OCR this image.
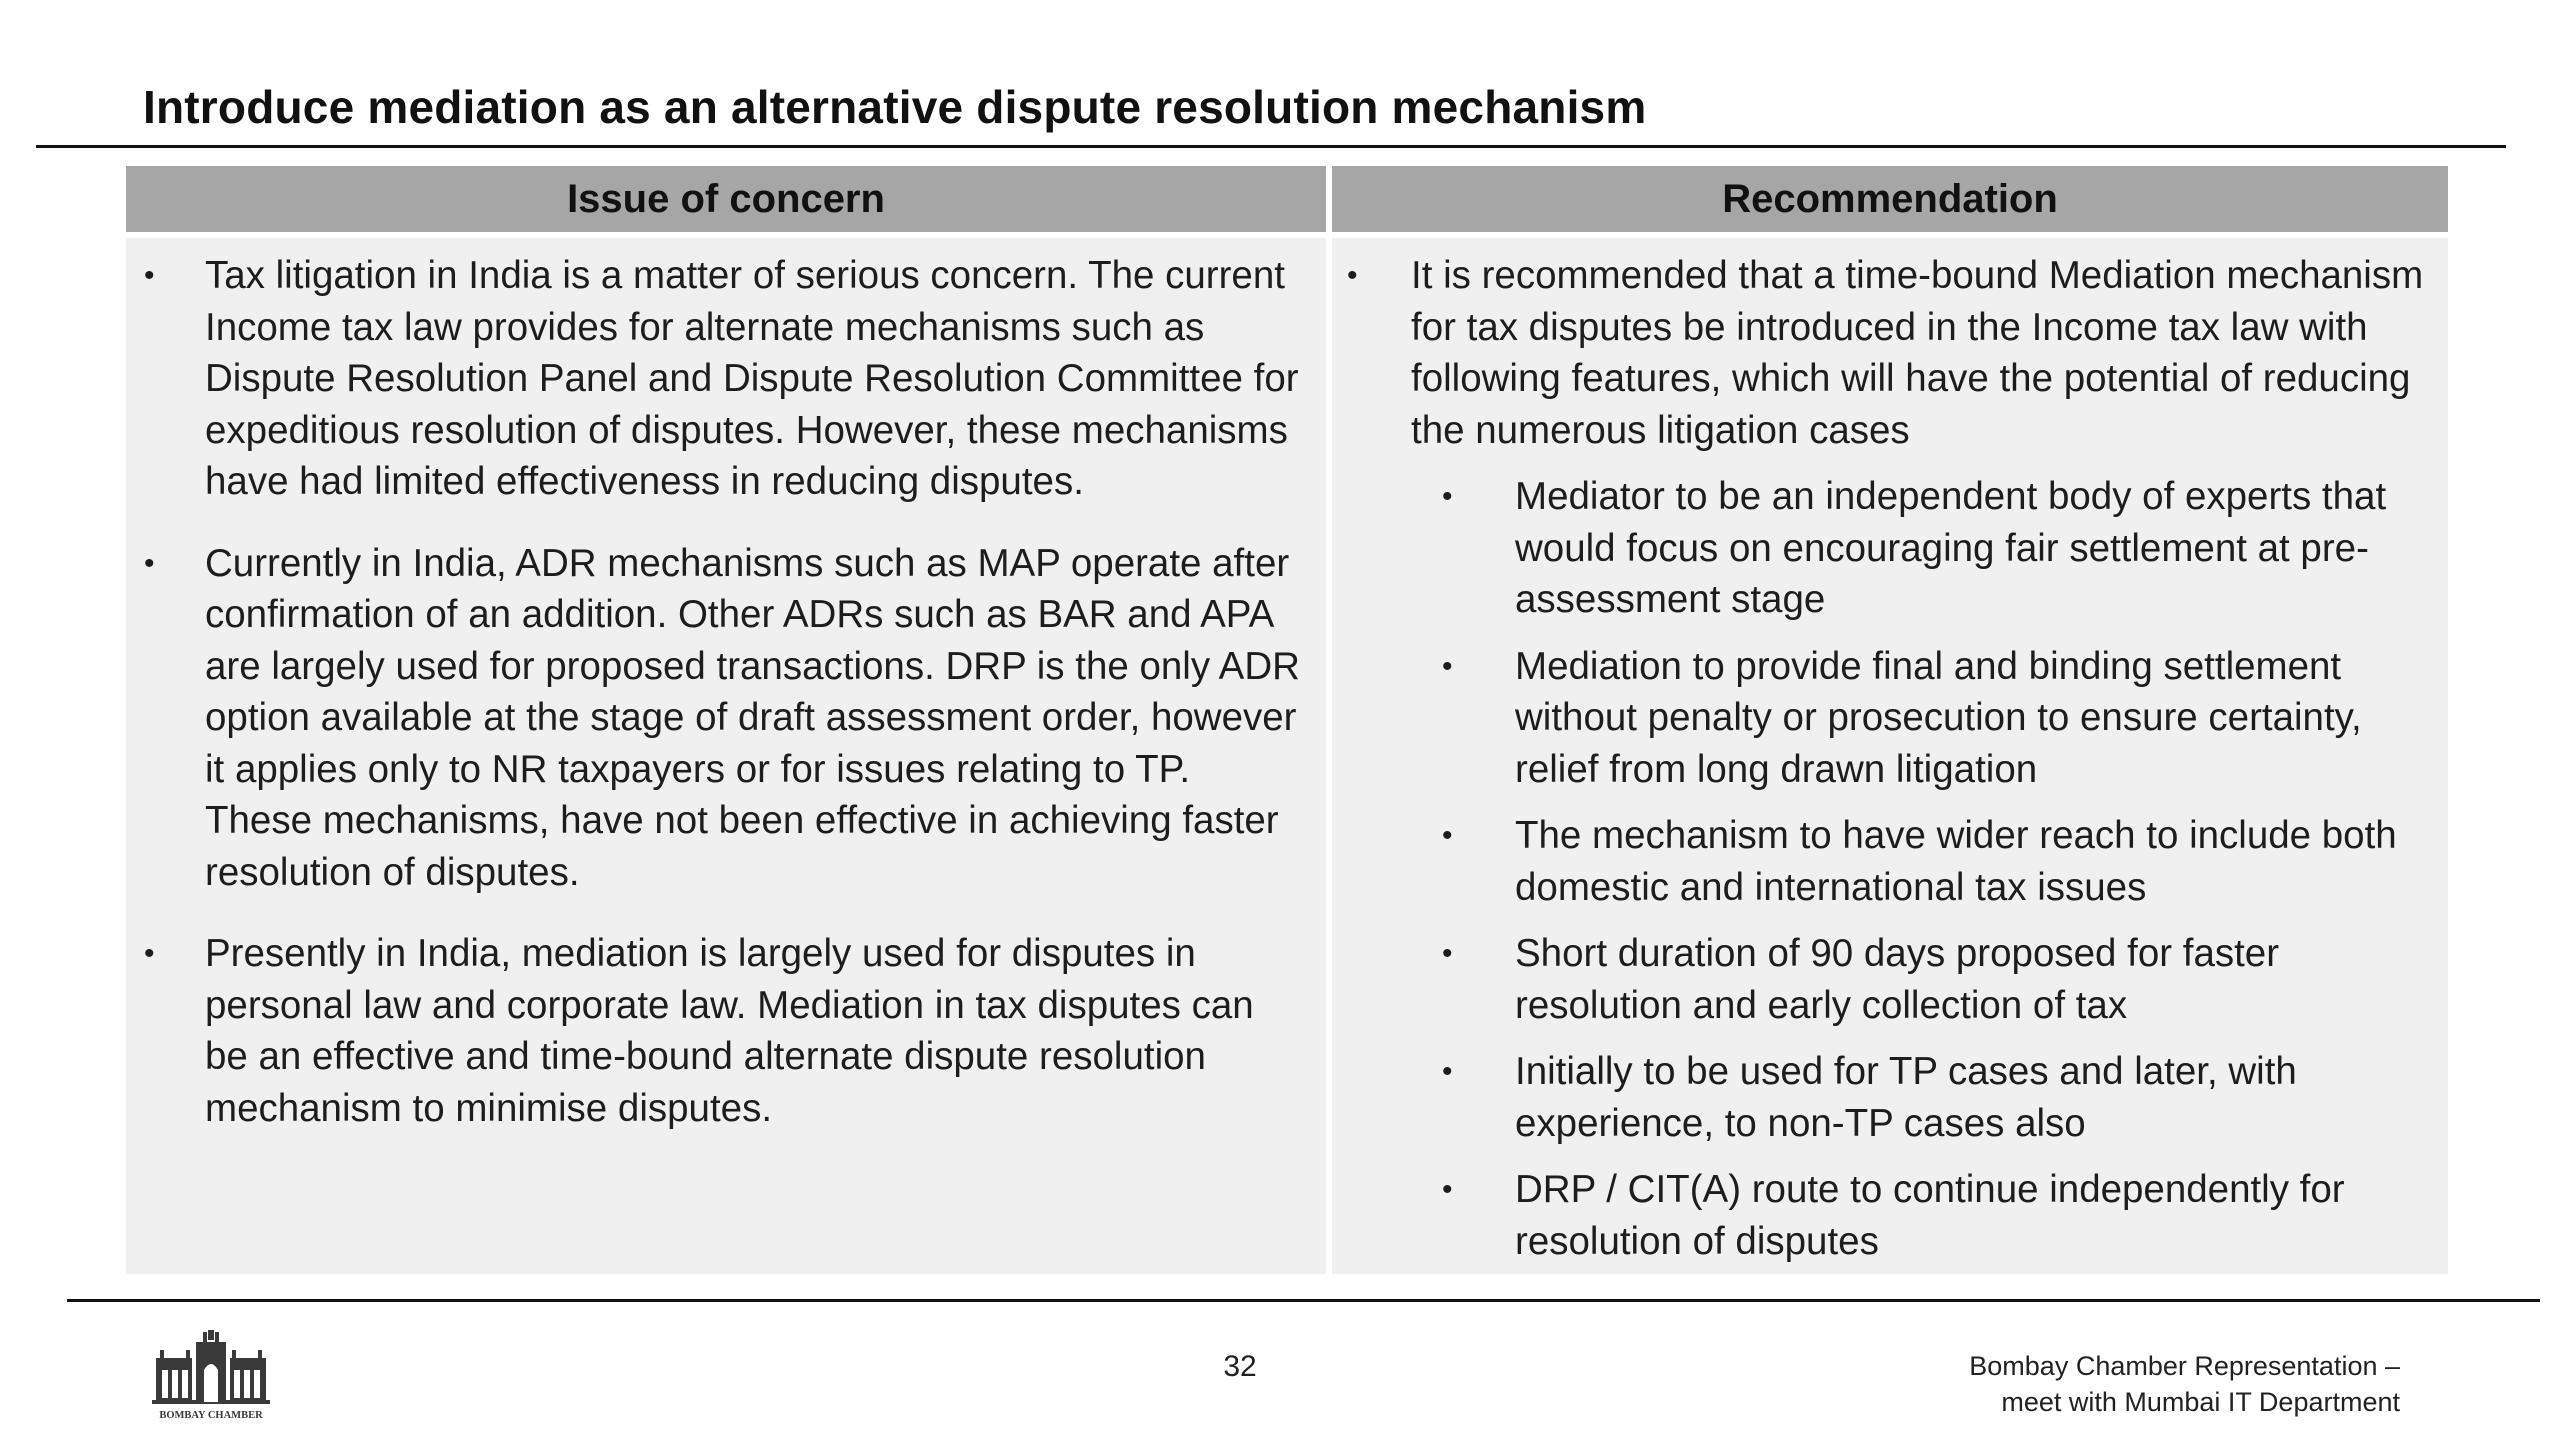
Introduce mediation as an alternative dispute resolution mechanism
Issue of concern	Recommendation
• Tax litigation in India is a matter of serious concern. The current Income tax law provides for alternate mechanisms such as Dispute Resolution Panel and Dispute Resolution Committee for expeditious resolution of disputes. However, these mechanisms have had limited effectiveness in reducing disputes.
• Currently in India, ADR mechanisms such as MAP operate after confirmation of an addition. Other ADRs such as BAR and APA are largely used for proposed transactions. DRP is the only ADR option available at the stage of draft assessment order, however it applies only to NR taxpayers or for issues relating to TP. These mechanisms, have not been effective in achieving faster resolution of disputes.
• Presently in India, mediation is largely used for disputes in personal law and corporate law. Mediation in tax disputes can be an effective and time-bound alternate dispute resolution mechanism to minimise disputes.
• It is recommended that a time-bound Mediation mechanism for tax disputes be introduced in the Income tax law with following features, which will have the potential of reducing the numerous litigation cases
• Mediator to be an independent body of experts that would focus on encouraging fair settlement at pre-assessment stage
• Mediation to provide final and binding settlement without penalty or prosecution to ensure certainty, relief from long drawn litigation
• The mechanism to have wider reach to include both domestic and international tax issues
• Short duration of 90 days proposed for faster resolution and early collection of tax
• Initially to be used for TP cases and later, with experience, to non-TP cases also
• DRP / CIT(A) route to continue independently for resolution of disputes
BOMBAY CHAMBER
32	Bombay Chamber Representation –
meet with Mumbai IT Department
